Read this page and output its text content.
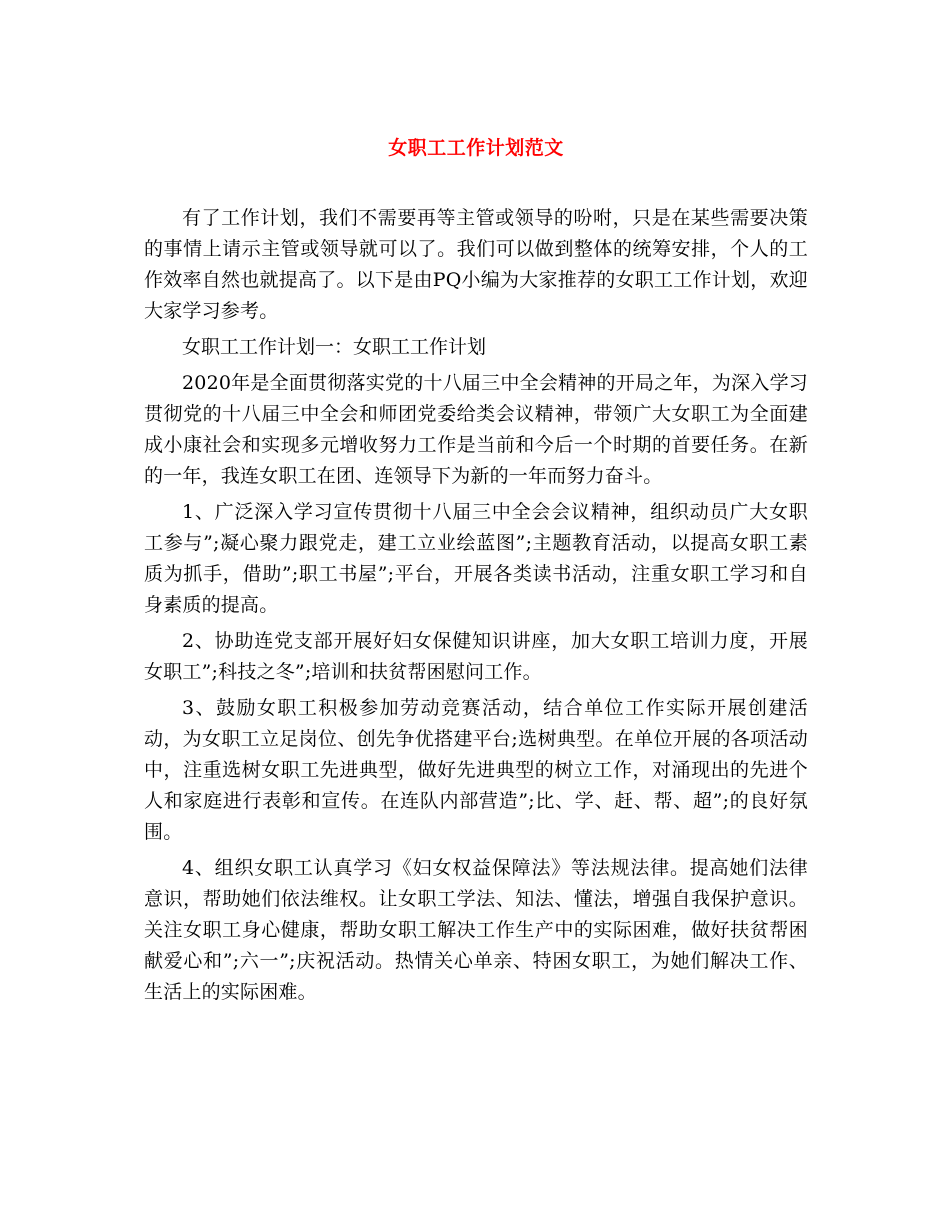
女职工工作计划范文

有了工作计划，我们不需要再等主管或领导的吩咐，只是在某些需要决策的事情上请示主管或领导就可以了。我们可以做到整体的统筹安排，个人的工作效率自然也就提高了。以下是由PQ小编为大家推荐的女职工工作计划，欢迎大家学习参考。

女职工工作计划一：女职工工作计划

2020年是全面贯彻落实党的十八届三中全会精神的开局之年，为深入学习贯彻党的十八届三中全会和师团党委给类会议精神，带领广大女职工为全面建成小康社会和实现多元增收努力工作是当前和今后一个时期的首要任务。在新的一年，我连女职工在团、连领导下为新的一年而努力奋斗。

1、广泛深入学习宣传贯彻十八届三中全会会议精神，组织动员广大女职工参与”;凝心聚力跟党走，建工立业绘蓝图”;主题教育活动，以提高女职工素质为抓手，借助”;职工书屋”;平台，开展各类读书活动，注重女职工学习和自身素质的提高。

2、协助连党支部开展好妇女保健知识讲座，加大女职工培训力度，开展女职工”;科技之冬”;培训和扶贫帮困慰问工作。

3、鼓励女职工积极参加劳动竞赛活动，结合单位工作实际开展创建活动，为女职工立足岗位、创先争优搭建平台;选树典型。在单位开展的各项活动中，注重选树女职工先进典型，做好先进典型的树立工作，对涌现出的先进个人和家庭进行表彰和宣传。在连队内部营造”;比、学、赶、帮、超”;的良好氛围。

4、组织女职工认真学习《妇女权益保障法》等法规法律。提高她们法律意识，帮助她们依法维权。让女职工学法、知法、懂法，增强自我保护意识。关注女职工身心健康，帮助女职工解决工作生产中的实际困难，做好扶贫帮困献爱心和”;六一”;庆祝活动。热情关心单亲、特困女职工，为她们解决工作、生活上的实际困难。
